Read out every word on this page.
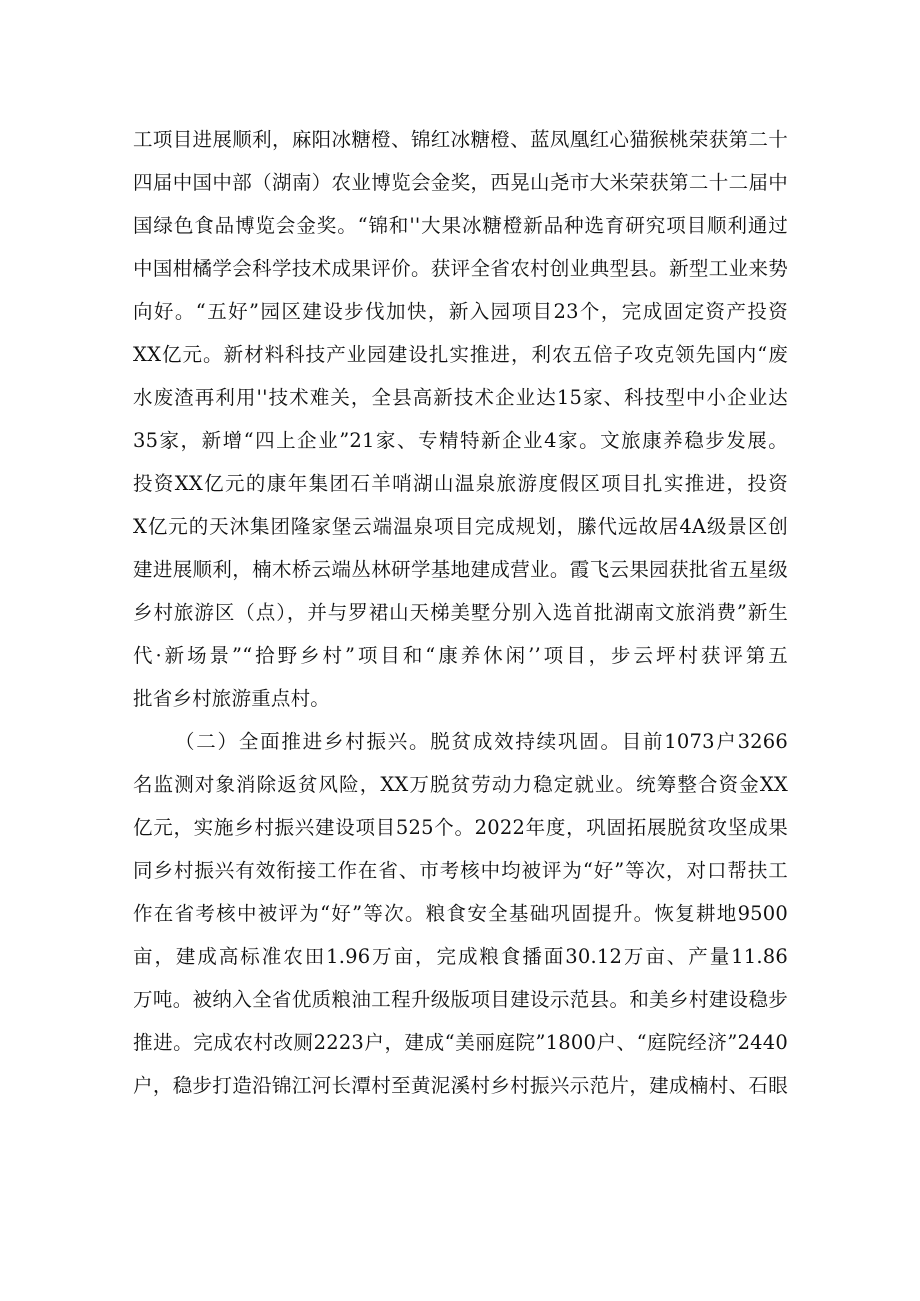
工项目进展顺利，麻阳冰糖橙、锦红冰糖橙、蓝凤凰红心猫猴桃荣获第二十
四届中国中部（湖南）农业博览会金奖，西晃山尧市大米荣获第二十二届中
国绿色食品博览会金奖。“锦和''大果冰糖橙新品种选育研究项目顺利通过
中国柑橘学会科学技术成果评价。获评全省农村创业典型县。新型工业来势
向好。“五好”园区建设步伐加快，新入园项目23个，完成固定资产投资
XX亿元。新材料科技产业园建设扎实推进，利农五倍子攻克领先国内“废
水废渣再利用''技术难关，全县高新技术企业达15家、科技型中小企业达
35家，新增“四上企业”21家、专精特新企业4家。文旅康养稳步发展。
投资XX亿元的康年集团石羊哨湖山温泉旅游度假区项目扎实推进，投资
X亿元的天沐集团隆家堡云端温泉项目完成规划，縢代远故居4A级景区创
建进展顺利，楠木桥云端丛林研学基地建成营业。霞飞云果园获批省五星级
乡村旅游区（点），并与罗裙山天梯美墅分别入选首批湖南文旅消费”新生
代·新场景”“拾野乡村”项目和“康养休闲’’项目，步云坪村获评第五
批省乡村旅游重点村。
（二）全面推进乡村振兴。脱贫成效持续巩固。目前1073户3266
名监测对象消除返贫风险，XX万脱贫劳动力稳定就业。统筹整合资金XX
亿元，实施乡村振兴建设项目525个。2022年度，巩固拓展脱贫攻坚成果
同乡村振兴有效衔接工作在省、市考核中均被评为“好”等次，对口帮扶工
作在省考核中被评为“好”等次。粮食安全基础巩固提升。恢复耕地9500
亩，建成高标准农田1.96万亩，完成粮食播面30.12万亩、产量11.86
万吨。被纳入全省优质粮油工程升级版项目建设示范县。和美乡村建设稳步
推进。完成农村改厕2223户，建成“美丽庭院”1800户、“庭院经济”2440
户，稳步打造沿锦江河长潭村至黄泥溪村乡村振兴示范片，建成楠村、石眼
